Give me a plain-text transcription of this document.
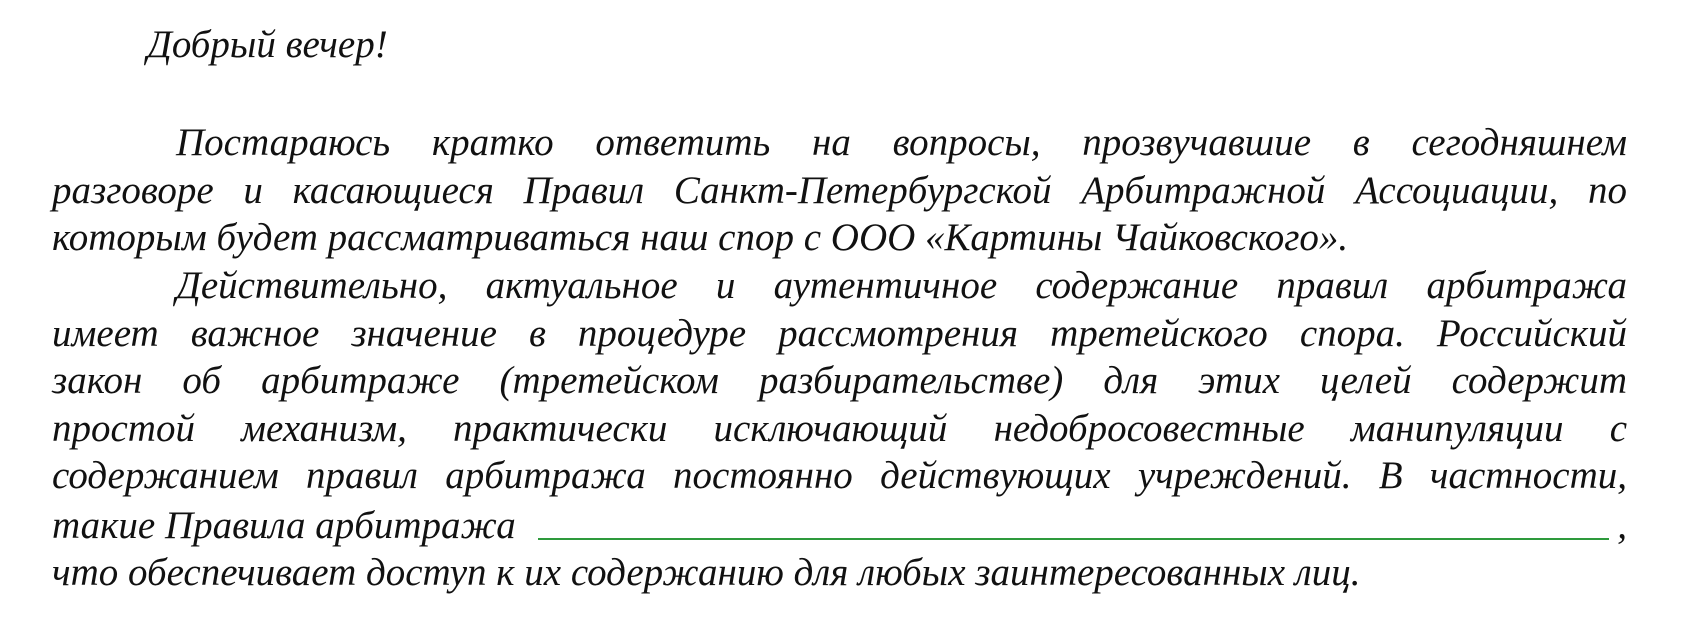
Добрый вечер!

Постараюсь кратко ответить на вопросы, прозвучавшие в сегодняшнем
разговоре и касающиеся Правил Санкт-Петербургской Арбитражной Ассоциации, по
которым будет рассматриваться наш спор с ООО «Картины Чайковского».
Действительно, актуальное и аутентичное содержание правил арбитража
имеет важное значение в процедуре рассмотрения третейского спора. Российский
закон об арбитраже (третейском разбирательстве) для этих целей содержит
простой механизм, практически исключающий недобросовестные манипуляции с
содержанием правил арбитража постоянно действующих учреждений. В частности,
такие Правила арбитража	,
что обеспечивает доступ к их содержанию для любых заинтересованных лиц.
